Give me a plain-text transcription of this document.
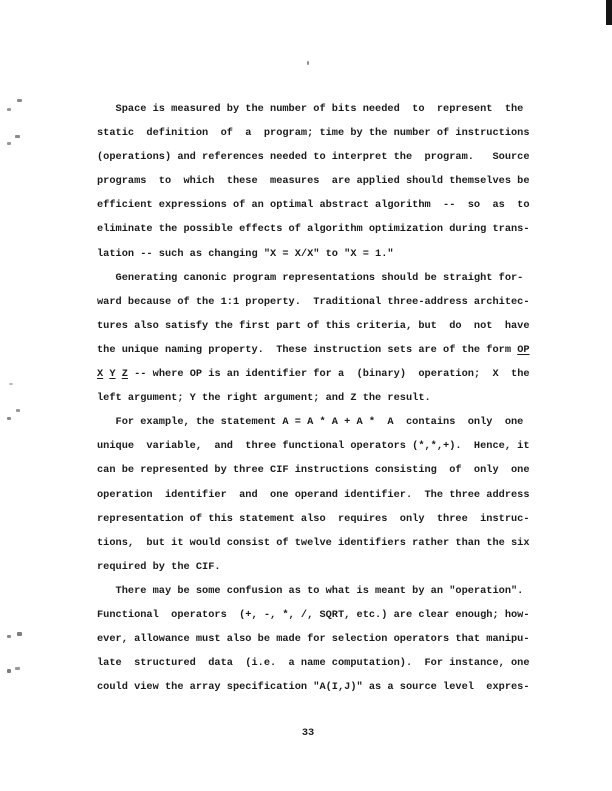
Space is measured by the number of bits needed  to  represent  the
static  definition  of  a  program; time by the number of instructions
(operations) and references needed to interpret the  program.   Source
programs  to  which  these  measures  are applied should themselves be
efficient expressions of an optimal abstract algorithm  --  so  as  to
eliminate the possible effects of algorithm optimization during trans-
lation -- such as changing "X = X/X" to "X = 1."
Generating canonic program representations should be straight for-
ward because of the 1:1 property.  Traditional three-address architec-
tures also satisfy the first part of this criteria, but  do  not  have
the unique naming property.  These instruction sets are of the form OP
X Y Z -- where OP is an identifier for a  (binary)  operation;  X  the
left argument; Y the right argument; and Z the result.
For example, the statement A = A * A + A *  A  contains  only  one
unique  variable,  and  three functional operators (*,*,+).  Hence, it
can be represented by three CIF instructions consisting  of  only  one
operation  identifier  and  one operand identifier.  The three address
representation of this statement also  requires  only  three  instruc-
tions,  but it would consist of twelve identifiers rather than the six
required by the CIF.
There may be some confusion as to what is meant by an "operation".
Functional  operators  (+, -, *, /, SQRT, etc.) are clear enough; how-
ever, allowance must also be made for selection operators that manipu-
late  structured  data  (i.e.  a name computation).  For instance, one
could view the array specification "A(I,J)" as a source level  expres-
33
